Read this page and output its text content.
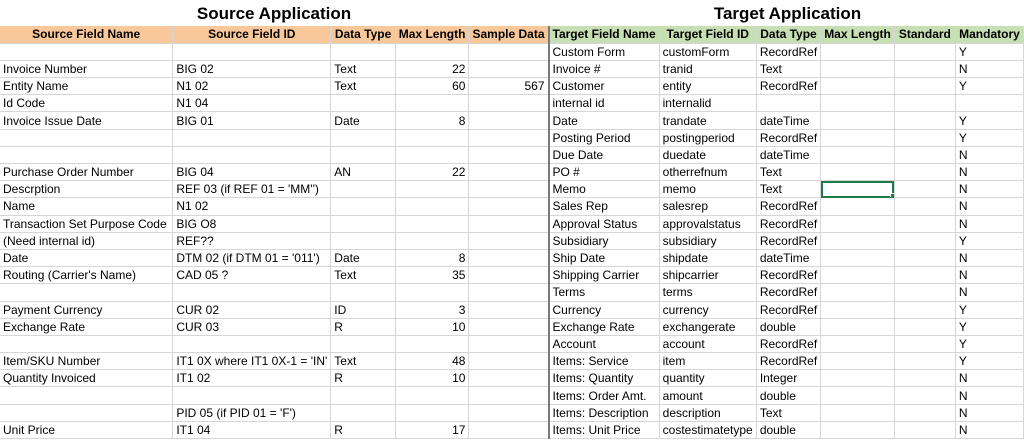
Source Application	Target Application
Source Field Name	Source Field ID	Data Type	Max Length	Sample Data	Target Field Name	Target Field ID	Data Type	Max Length	Standard	Mandatory
					Custom Form	customForm	RecordRef			Y
Invoice Number	BIG 02	Text	22		Invoice #	tranid	Text			N
Entity Name	N1 02	Text	60	567	Customer	entity	RecordRef			Y
Id Code	N1 04				internal id	internalid				
Invoice Issue Date	BIG 01	Date	8		Date	trandate	dateTime			Y
					Posting Period	postingperiod	RecordRef			Y
					Due Date	duedate	dateTime			N
Purchase Order Number	BIG 04	AN	22		PO #	otherrefnum	Text			N
Descrption	REF 03 (if REF 01 = 'MM'')				Memo	memo	Text			N
Name	N1 02				Sales Rep	salesrep	RecordRef			N
Transaction Set Purpose Code	BIG O8				Approval Status	approvalstatus	RecordRef			N
(Need internal id)	REF??				Subsidiary	subsidiary	RecordRef			Y
Date	DTM 02 (if DTM 01 = '011')	Date	8		Ship Date	shipdate	dateTime			N
Routing (Carrier's Name)	CAD 05 ?	Text	35		Shipping Carrier	shipcarrier	RecordRef			N
					Terms	terms	RecordRef			N
Payment Currency	CUR 02	ID	3		Currency	currency	RecordRef			Y
Exchange Rate	CUR 03	R	10		Exchange Rate	exchangerate	double			Y
					Account	account	RecordRef			Y
Item/SKU Number	IT1 0X where IT1 0X-1 = 'IN'	Text	48		Items: Service	item	RecordRef			Y
Quantity Invoiced	IT1 02	R	10		Items: Quantity	quantity	Integer			N
					Items: Order Amt.	amount	double			N
	PID 05 (if PID 01 = 'F')				Items: Description	description	Text			N
Unit Price	IT1 04	R	17		Items: Unit Price	costestimatetype	double			N
